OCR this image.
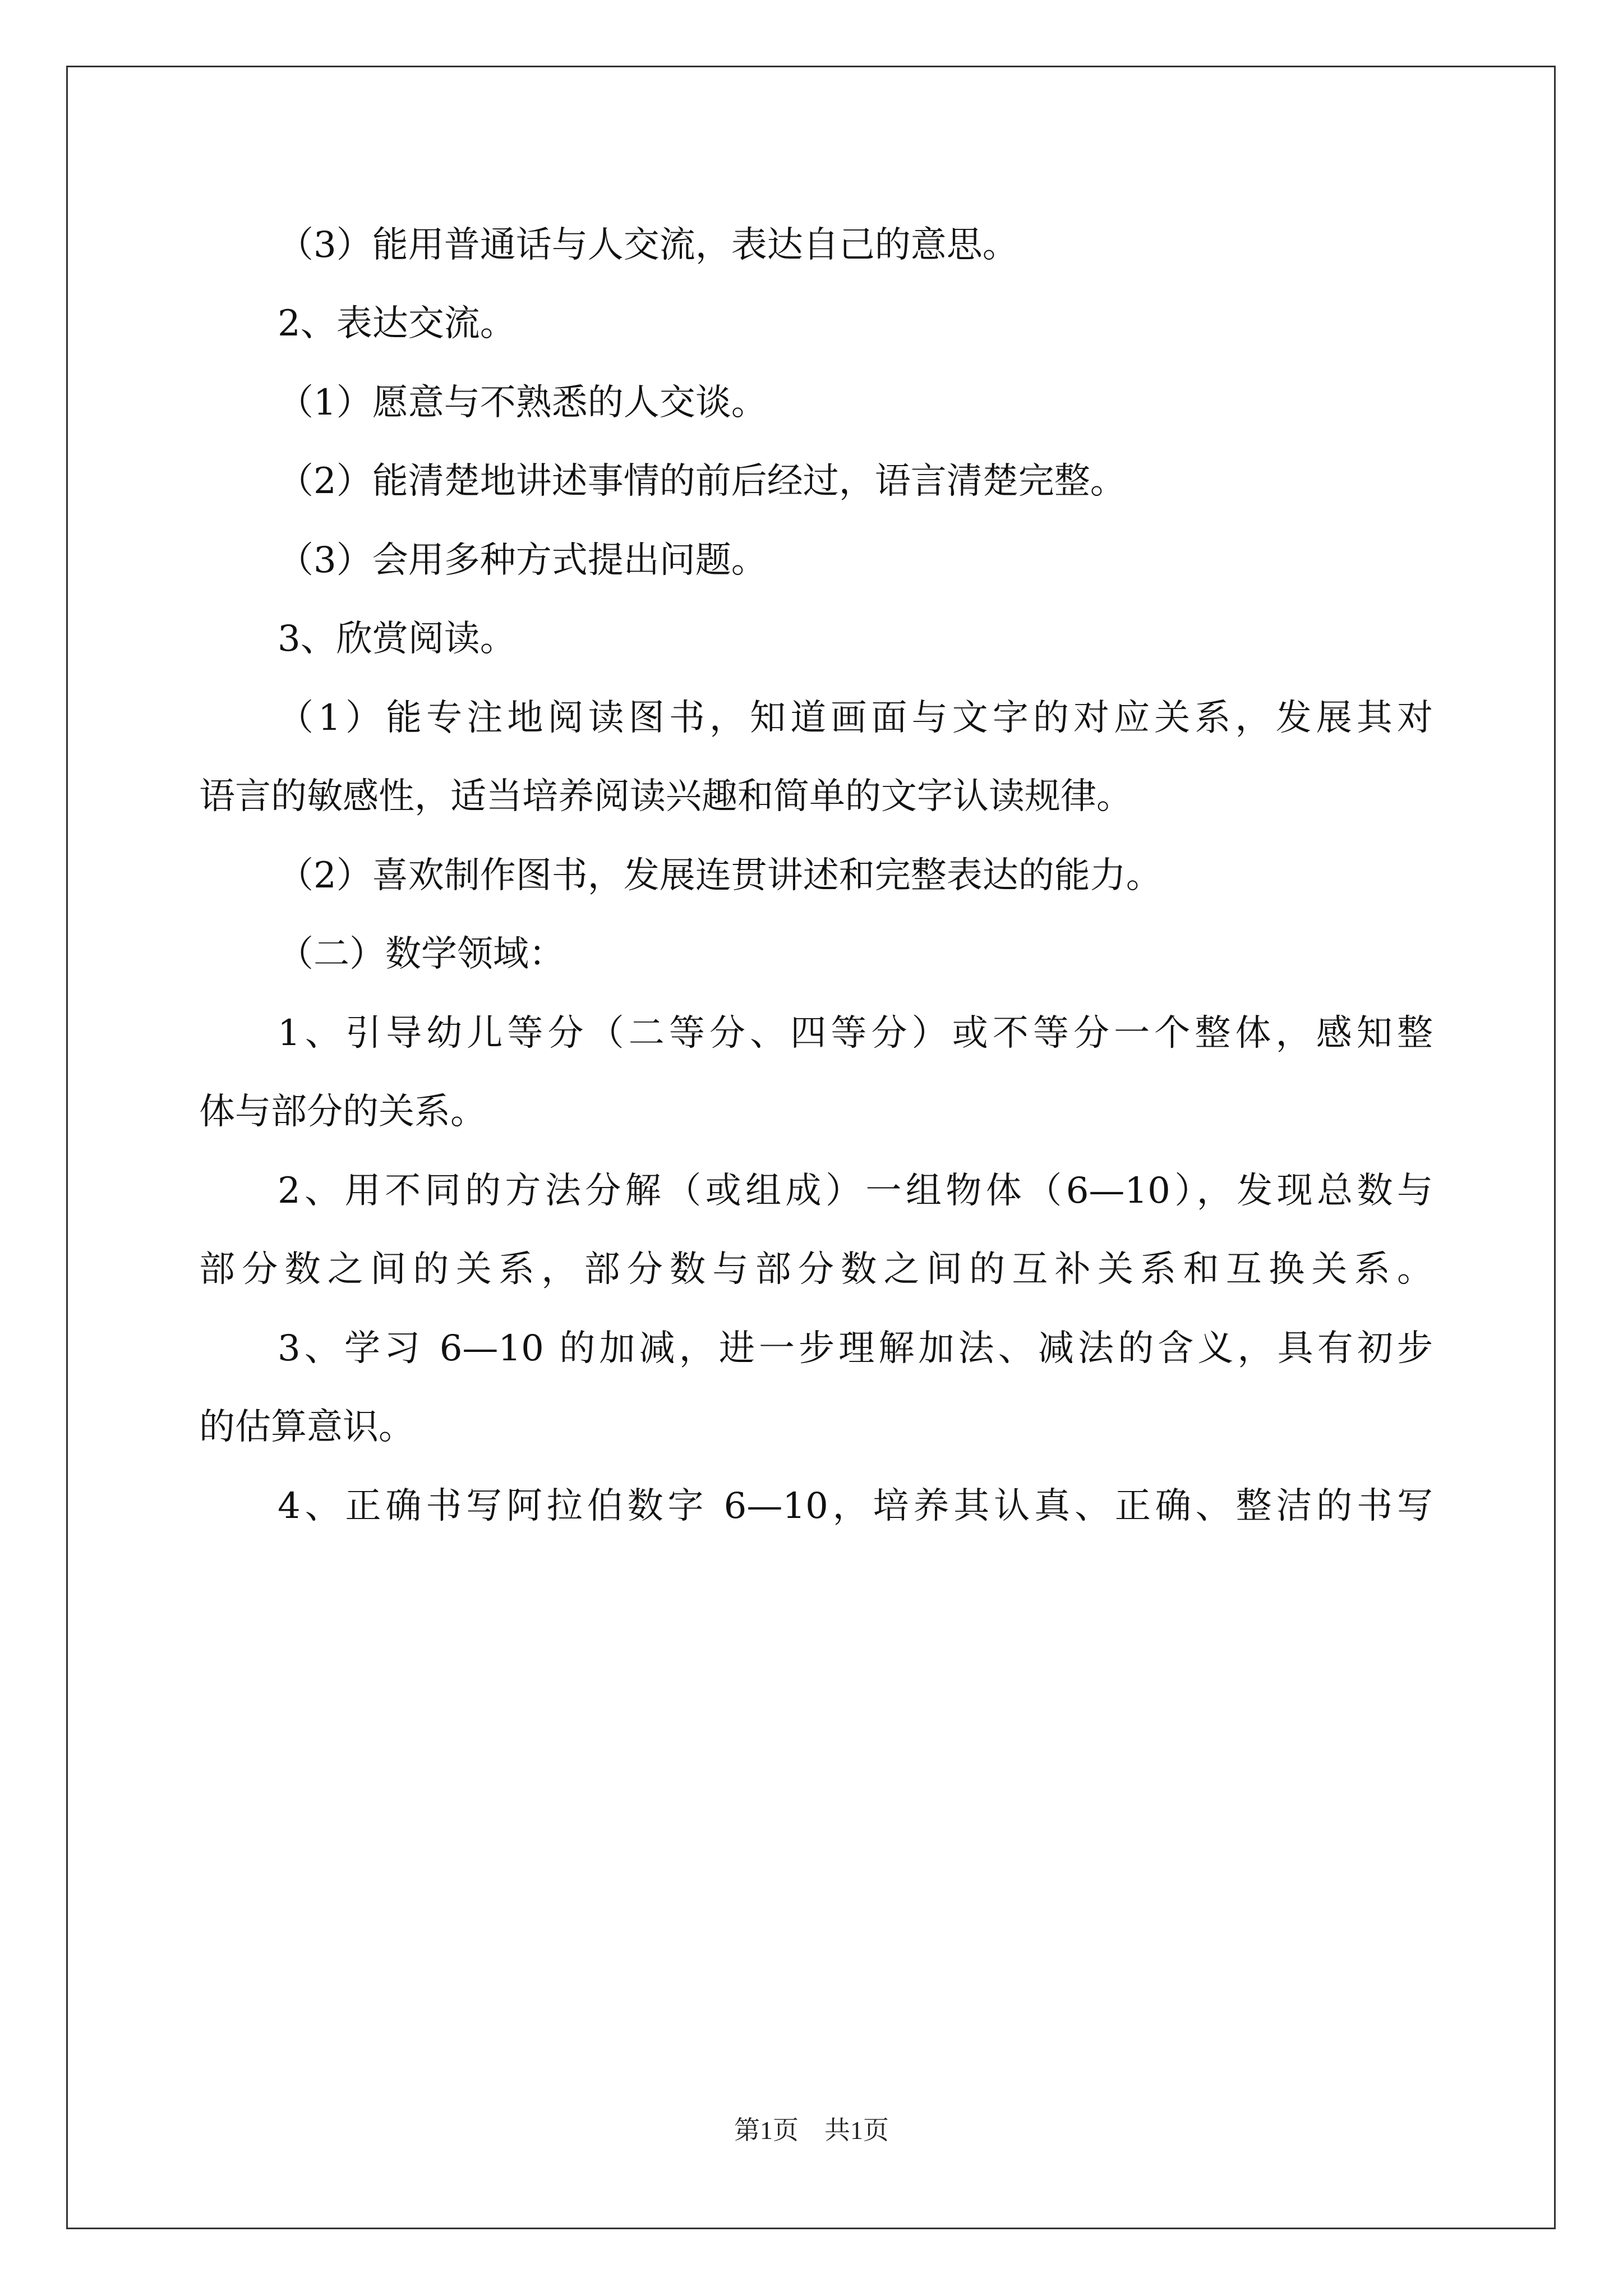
（3）能用普通话与人交流，表达自己的意思。
2、表达交流。
（1）愿意与不熟悉的人交谈。
（2）能清楚地讲述事情的前后经过，语言清楚完整。
（3）会用多种方式提出问题。
3、欣赏阅读。
（1）能专注地阅读图书，知道画面与文字的对应关系，发展其对
语言的敏感性，适当培养阅读兴趣和简单的文字认读规律。
（2）喜欢制作图书，发展连贯讲述和完整表达的能力。
（二）数学领域：
1、引导幼儿等分（二等分、四等分）或不等分一个整体，感知整
体与部分的关系。
2、用不同的方法分解（或组成）一组物体（6—10），发现总数与
部分数之间的关系，部分数与部分数之间的互补关系和互换关系。
3、学习 6—10 的加减，进一步理解加法、减法的含义，具有初步
的估算意识。
4、正确书写阿拉伯数字 6—10，培养其认真、正确、整洁的书写
第1页　共1页
